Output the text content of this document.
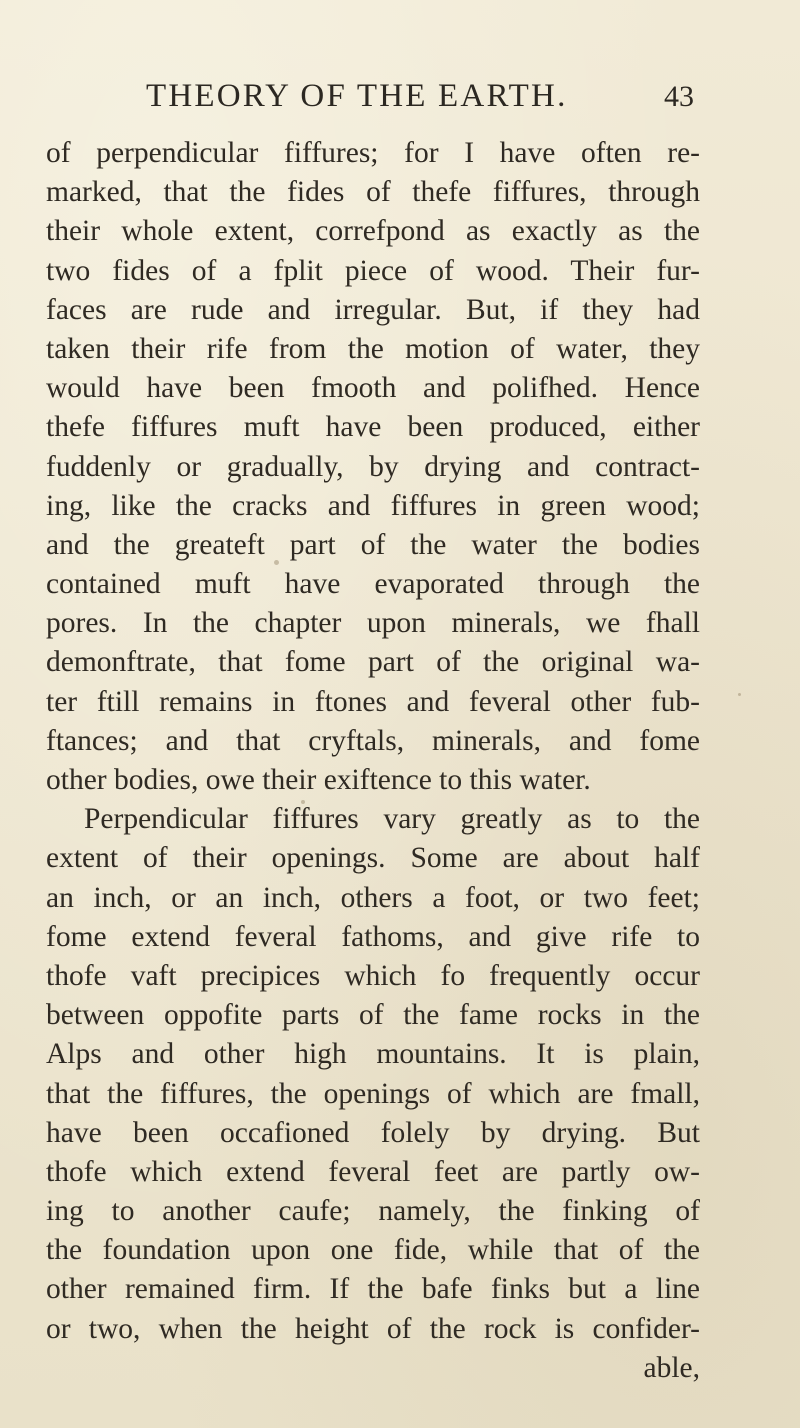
THEORY OF THE EARTH.	43
of perpendicular fiffures; for I have often re-
marked, that the fides of thefe fiffures, through
their whole extent, correfpond as exactly as the
two fides of a fplit piece of wood. Their fur-
faces are rude and irregular. But, if they had
taken their rife from the motion of water, they
would have been fmooth and polifhed. Hence
thefe fiffures muft have been produced, either
fuddenly or gradually, by drying and contract-
ing, like the cracks and fiffures in green wood;
and the greateft part of the water the bodies
contained muft have evaporated through the
pores. In the chapter upon minerals, we fhall
demonftrate, that fome part of the original wa-
ter ftill remains in ftones and feveral other fub-
ftances; and that cryftals, minerals, and fome
other bodies, owe their exiftence to this water.
Perpendicular fiffures vary greatly as to the
extent of their openings. Some are about half
an inch, or an inch, others a foot, or two feet;
fome extend feveral fathoms, and give rife to
thofe vaft precipices which fo frequently occur
between oppofite parts of the fame rocks in the
Alps and other high mountains. It is plain,
that the fiffures, the openings of which are fmall,
have been occafioned folely by drying. But
thofe which extend feveral feet are partly ow-
ing to another caufe; namely, the finking of
the foundation upon one fide, while that of the
other remained firm. If the bafe finks but a line
or two, when the height of the rock is confider-
able,
